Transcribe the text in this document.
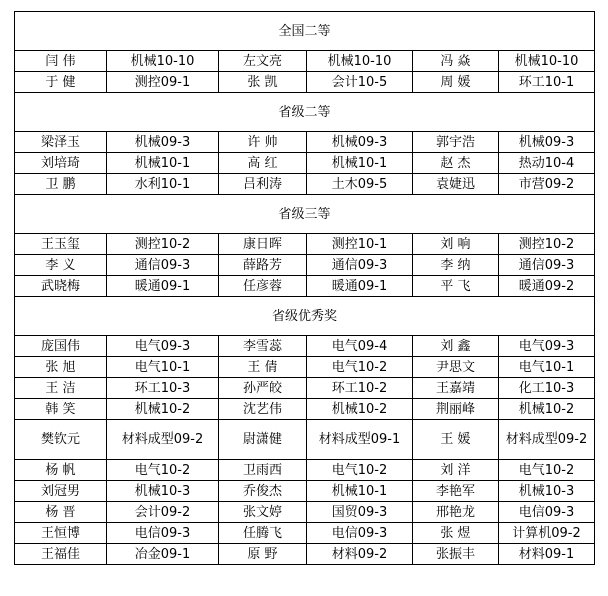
全国二等					
闫 伟	机械10-10	左文亮	机械10-10	冯 焱	机械10-10
于 健	测控09-1	张 凯	会计10-5	周 媛	环工10-1
省级二等					
梁泽玉	机械09-3	许 帅	机械09-3	郭宇浩	机械09-3
刘培琦	机械10-1	高 红	机械10-1	赵 杰	热动10-4
卫 鹏	水利10-1	吕利涛	土木09-5	袁婕迅	市营09-2
省级三等					
王玉玺	测控10-2	康日晖	测控10-1	刘 响	测控10-2
李 义	通信09-3	薛路芳	通信09-3	李 纳	通信09-3
武晓梅	暖通09-1	任彦蓉	暖通09-1	平 飞	暖通09-2
省级优秀奖					
庞国伟	电气09-3	李雪蕊	电气09-4	刘 鑫	电气09-3
张 旭	电气10-1	王 倩	电气10-2	尹思文	电气10-1
王 洁	环工10-3	孙严皎	环工10-2	王嘉靖	化工10-3
韩 笑	机械10-2	沈艺伟	机械10-2	荆丽峰	机械10-2
樊钦元	材料成型09-2	尉潇健	材料成型09-1	王 媛	材料成型09-2
杨 帆	电气10-2	卫雨西	电气10-2	刘 洋	电气10-2
刘冠男	机械10-3	乔俊杰	机械10-1	李艳军	机械10-3
杨 晋	会计09-2	张文婷	国贸09-3	邢艳龙	电信09-3
王恒博	电信09-3	任腾飞	电信09-3	张 煜	计算机09-2
王福佳	冶金09-1	原 野	材料09-2	张振丰	材料09-1
